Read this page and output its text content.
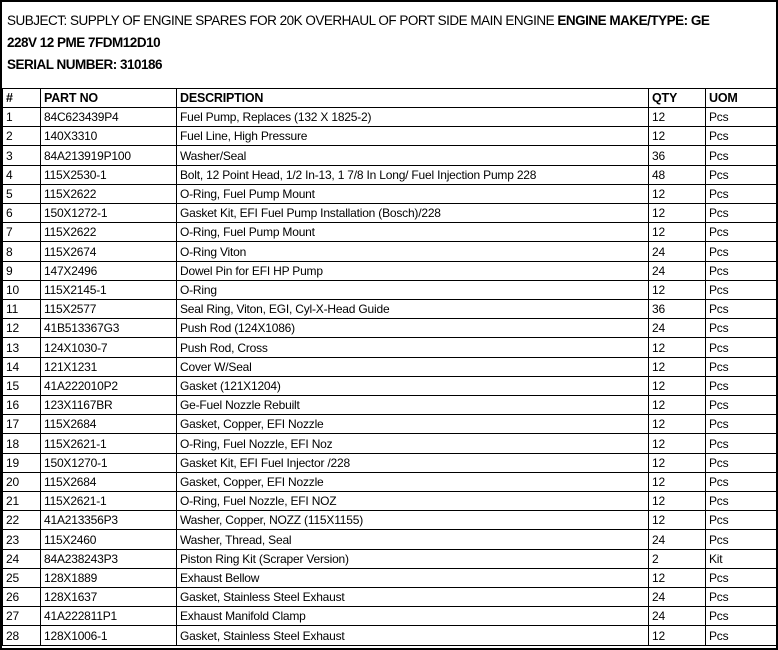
SUBJECT: SUPPLY OF ENGINE SPARES FOR 20K OVERHAUL OF PORT SIDE MAIN ENGINE ENGINE MAKE/TYPE: GE
228V 12 PME 7FDM12D10
SERIAL NUMBER: 310186
#	PART NO	DESCRIPTION	QTY	UOM
1	84C623439P4	Fuel Pump, Replaces (132 X 1825-2)	12	Pcs
2	140X3310	Fuel Line, High Pressure	12	Pcs
3	84A213919P100	Washer/Seal	36	Pcs
4	115X2530-1	Bolt, 12 Point Head, 1/2 In-13, 1 7/8 In Long/ Fuel Injection Pump 228	48	Pcs
5	115X2622	O-Ring, Fuel Pump Mount	12	Pcs
6	150X1272-1	Gasket Kit, EFI Fuel Pump Installation (Bosch)/228	12	Pcs
7	115X2622	O-Ring, Fuel Pump Mount	12	Pcs
8	115X2674	O-Ring Viton	24	Pcs
9	147X2496	Dowel Pin for EFI HP Pump	24	Pcs
10	115X2145-1	O-Ring	12	Pcs
11	115X2577	Seal Ring, Viton, EGI, Cyl-X-Head Guide	36	Pcs
12	41B513367G3	Push Rod (124X1086)	24	Pcs
13	124X1030-7	Push Rod, Cross	12	Pcs
14	121X1231	Cover W/Seal	12	Pcs
15	41A222010P2	Gasket (121X1204)	12	Pcs
16	123X1167BR	Ge-Fuel Nozzle Rebuilt	12	Pcs
17	115X2684	Gasket, Copper, EFI Nozzle	12	Pcs
18	115X2621-1	O-Ring, Fuel Nozzle, EFI Noz	12	Pcs
19	150X1270-1	Gasket Kit, EFI Fuel Injector /228	12	Pcs
20	115X2684	Gasket, Copper, EFI Nozzle	12	Pcs
21	115X2621-1	O-Ring, Fuel Nozzle, EFI NOZ	12	Pcs
22	41A213356P3	Washer, Copper, NOZZ (115X1155)	12	Pcs
23	115X2460	Washer, Thread, Seal	24	Pcs
24	84A238243P3	Piston Ring Kit (Scraper Version)	2	Kit
25	128X1889	Exhaust Bellow	12	Pcs
26	128X1637	Gasket, Stainless Steel Exhaust	24	Pcs
27	41A222811P1	Exhaust Manifold Clamp	24	Pcs
28	128X1006-1	Gasket, Stainless Steel Exhaust	12	Pcs
